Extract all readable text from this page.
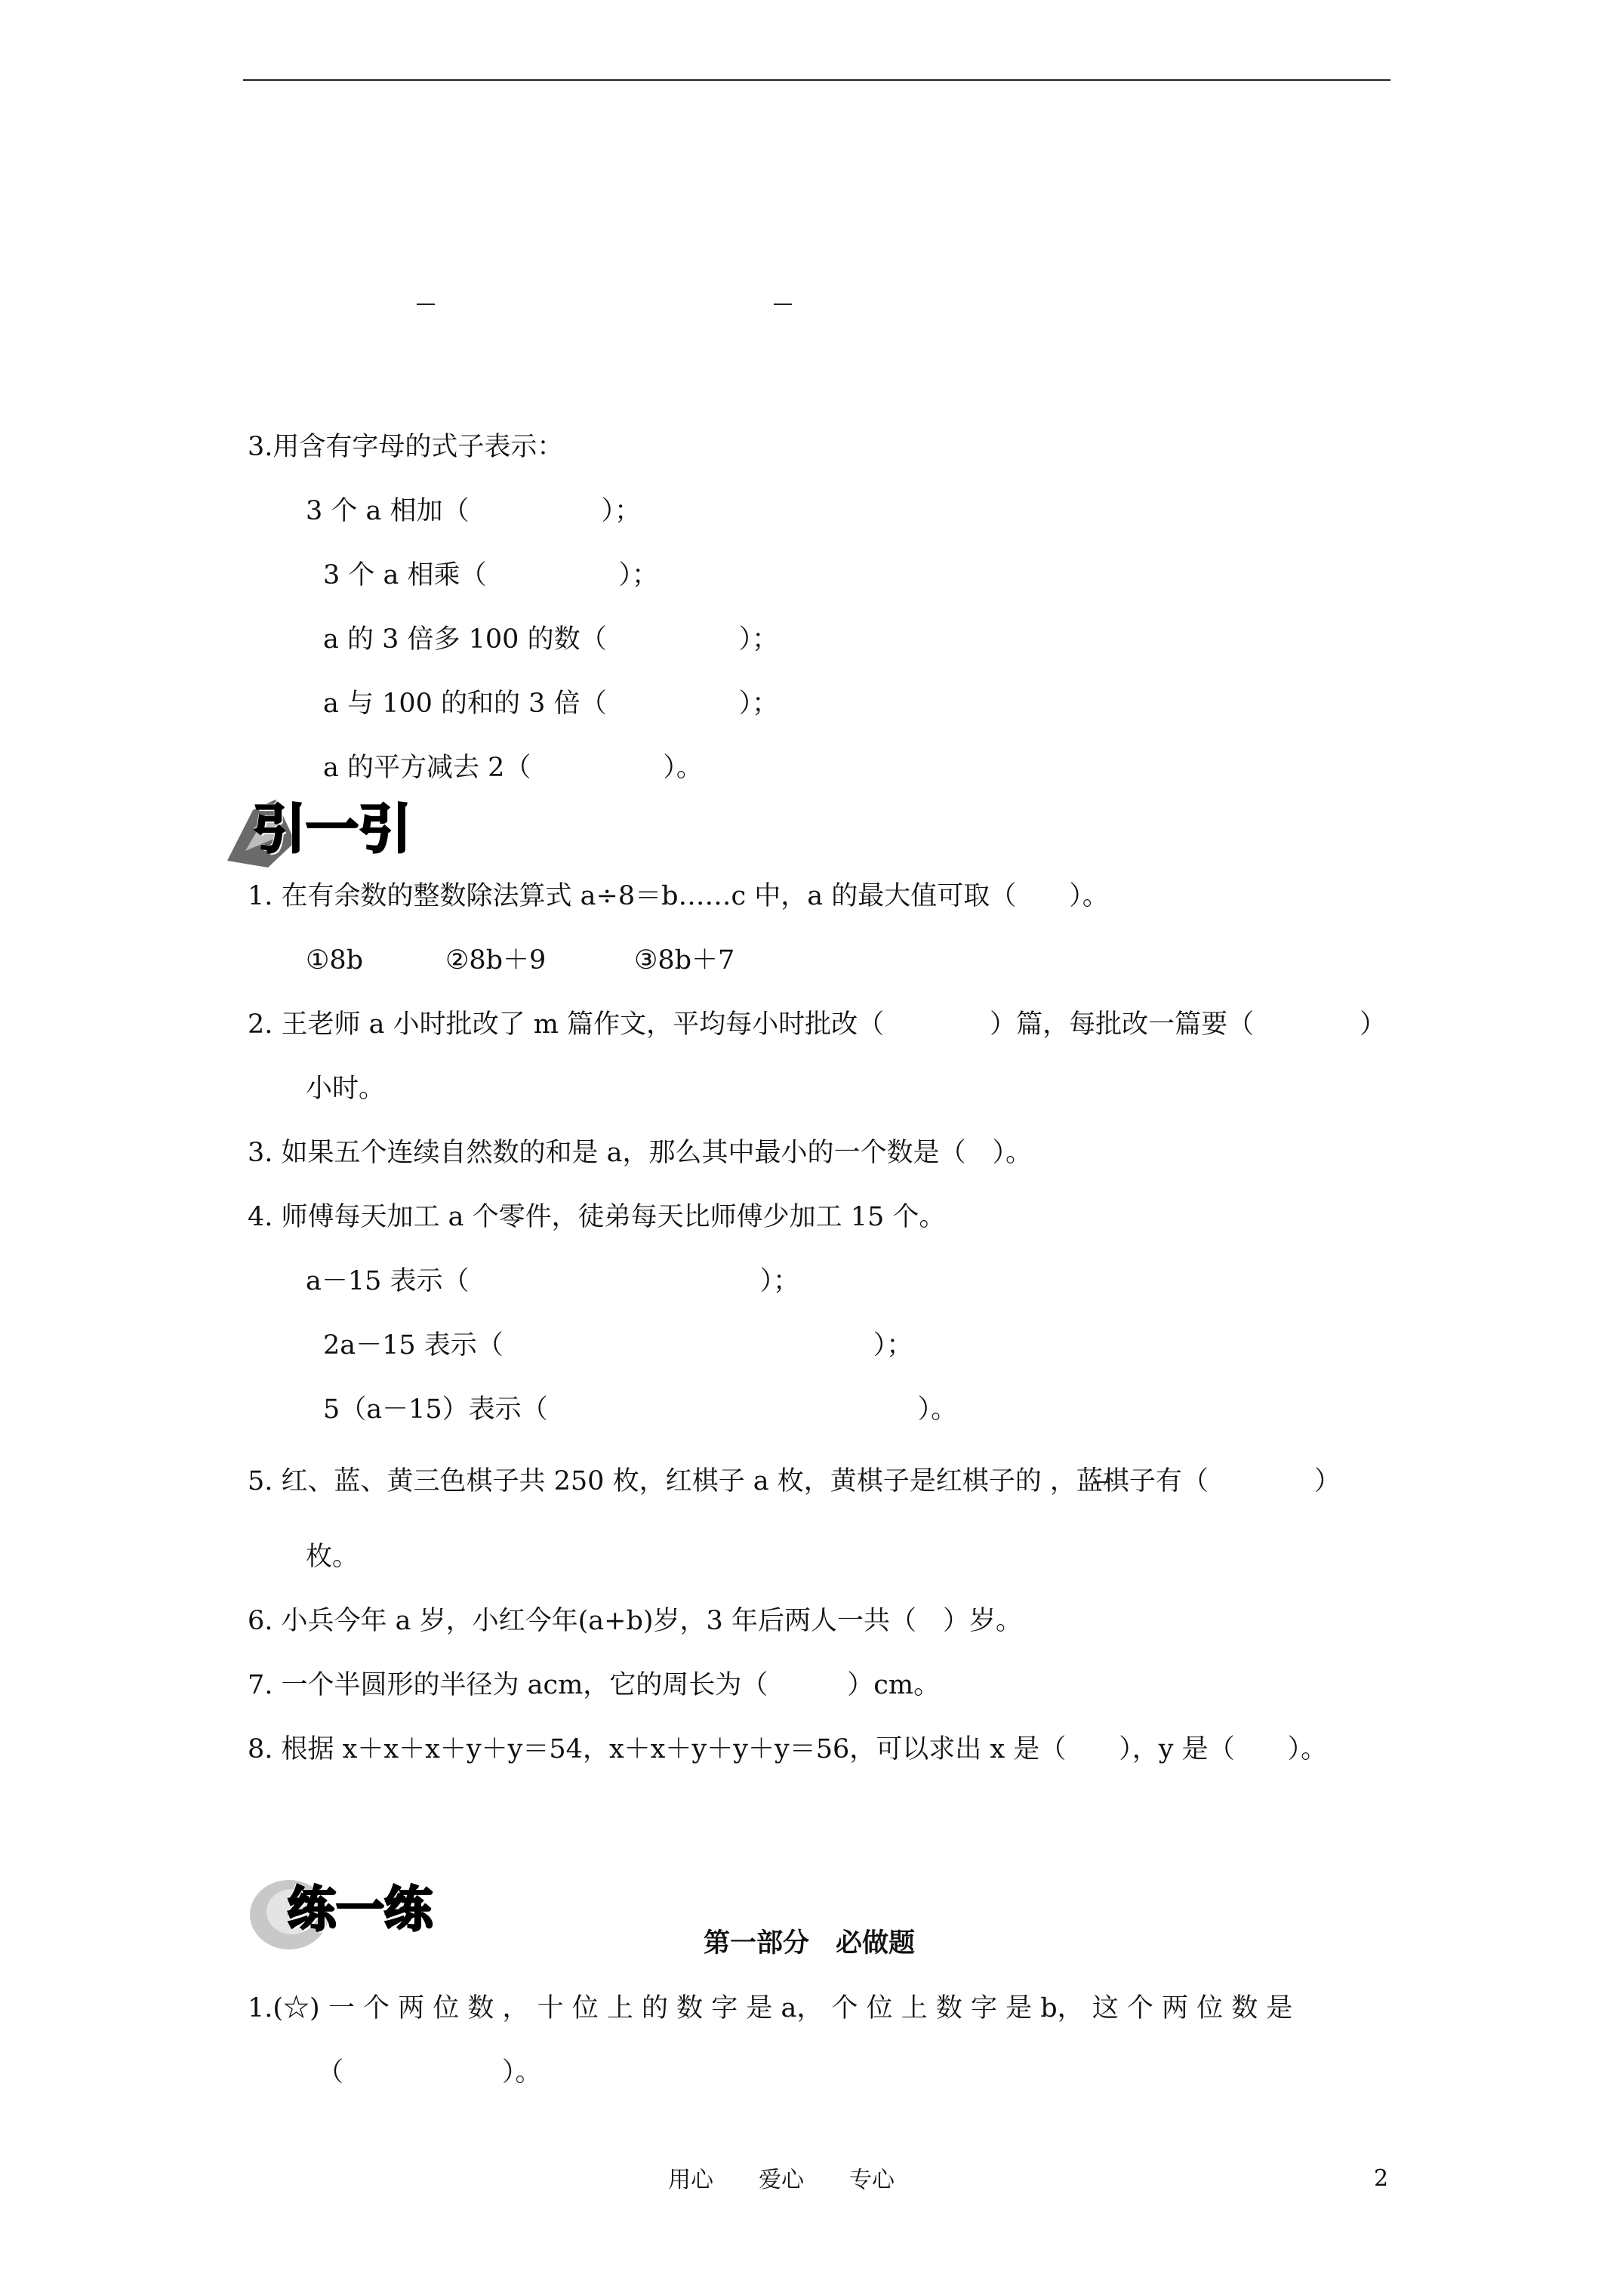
3.用含有字母的式子表示：
3 个 a 相加（　　　　　）；
3 个 a 相乘（　　　　　）；
a 的 3 倍多 100 的数（　　　　　）；
a 与 100 的和的 3 倍（　　　　　）；
a 的平方减去 2（　　　　　）。
引一引
1. 在有余数的整数除法算式 a÷8＝b……c 中，a 的最大值可取（　　）。
①8b	②8b＋9	③8b＋7
2. 王老师 a 小时批改了 m 篇作文，平均每小时批改（　　　　）篇，每批改一篇要（　　　　）
小时。
3. 如果五个连续自然数的和是 a，那么其中最小的一个数是（　）。
4. 师傅每天加工 a 个零件，徒弟每天比师傅少加工 15 个。
a－15 表示（　　　　　　　　　　　）；
2a－15 表示（　　　　　　　　　　　　　　）；
5（a－15）表示（　　　　　　　　　　　　　　）。
5. 红、蓝、黄三色棋子共 250 枚，红棋子 a 枚，黄棋子是红棋子的 ，蓝棋子有（　　　　）
枚。
6. 小兵今年 a 岁，小红今年(a+b)岁，3 年后两人一共（　）岁。
7. 一个半圆形的半径为 acm，它的周长为（　　　）cm。
8. 根据 x＋x＋x＋y＋y＝54，x＋x＋y＋y＋y＝56，可以求出 x 是（　　），y 是（　　）。
练一练
第一部分　必做题
1.(☆) 一 个 两 位 数 ， 十 位 上 的 数 字 是 a， 个 位 上 数 字 是 b， 这 个 两 位 数 是
（　　　　　　）。
用心　　爱心　　专心	2
